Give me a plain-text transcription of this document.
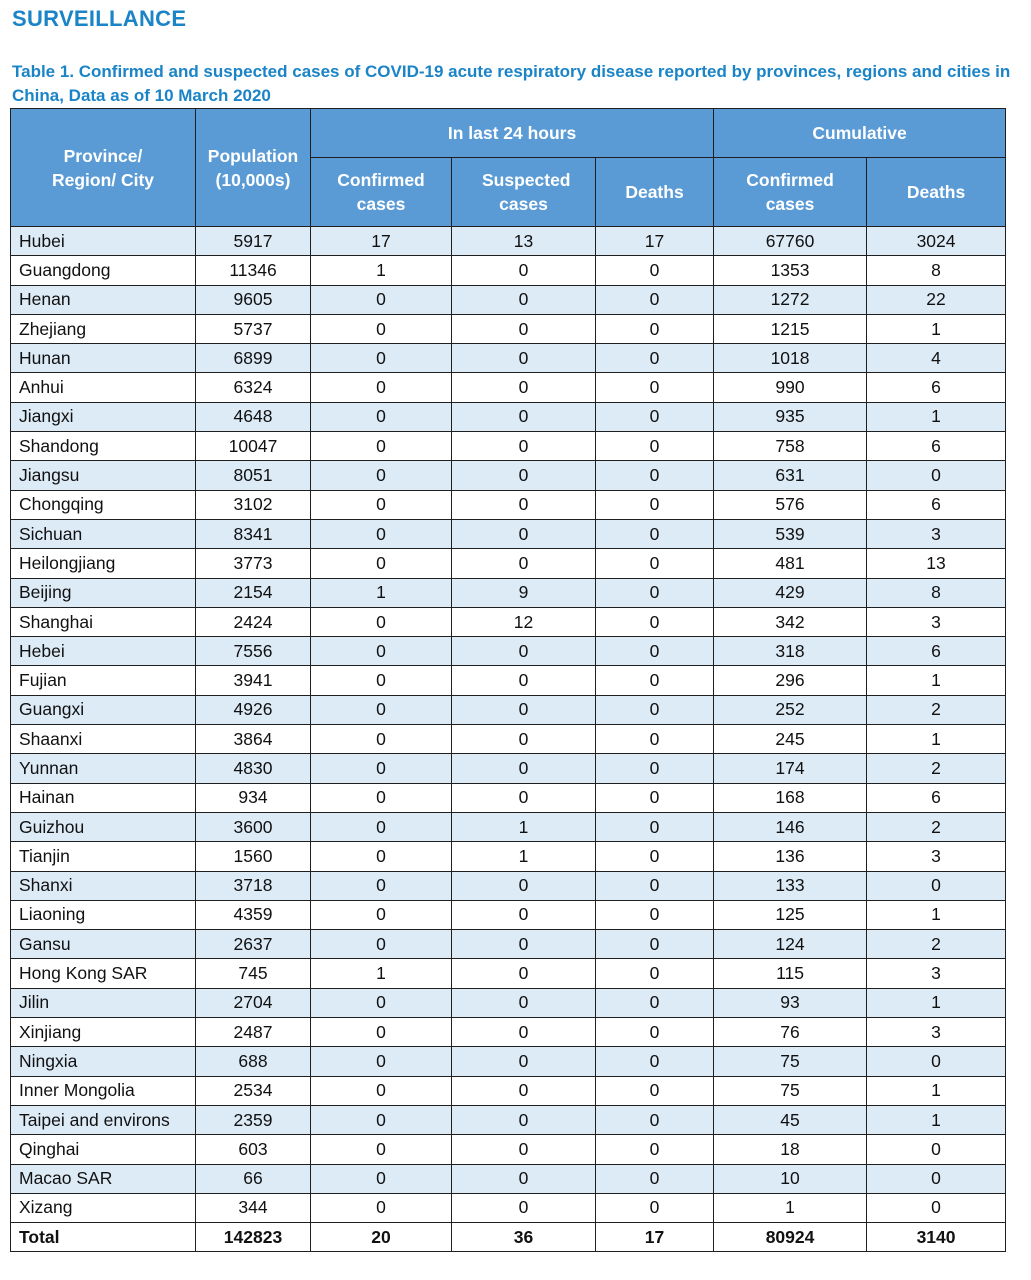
SURVEILLANCE
Table 1. Confirmed and suspected cases of COVID-19 acute respiratory disease reported by provinces, regions and cities in China, Data as of 10 March 2020
Province/ Region/ City	Population (10,000s)	In last 24 hours			Cumulative	
		Confirmed cases	Suspected cases	Deaths	Confirmed cases	Deaths
Hubei	5917	17	13	17	67760	3024
Guangdong	11346	1	0	0	1353	8
Henan	9605	0	0	0	1272	22
Zhejiang	5737	0	0	0	1215	1
Hunan	6899	0	0	0	1018	4
Anhui	6324	0	0	0	990	6
Jiangxi	4648	0	0	0	935	1
Shandong	10047	0	0	0	758	6
Jiangsu	8051	0	0	0	631	0
Chongqing	3102	0	0	0	576	6
Sichuan	8341	0	0	0	539	3
Heilongjiang	3773	0	0	0	481	13
Beijing	2154	1	9	0	429	8
Shanghai	2424	0	12	0	342	3
Hebei	7556	0	0	0	318	6
Fujian	3941	0	0	0	296	1
Guangxi	4926	0	0	0	252	2
Shaanxi	3864	0	0	0	245	1
Yunnan	4830	0	0	0	174	2
Hainan	934	0	0	0	168	6
Guizhou	3600	0	1	0	146	2
Tianjin	1560	0	1	0	136	3
Shanxi	3718	0	0	0	133	0
Liaoning	4359	0	0	0	125	1
Gansu	2637	0	0	0	124	2
Hong Kong SAR	745	1	0	0	115	3
Jilin	2704	0	0	0	93	1
Xinjiang	2487	0	0	0	76	3
Ningxia	688	0	0	0	75	0
Inner Mongolia	2534	0	0	0	75	1
Taipei and environs	2359	0	0	0	45	1
Qinghai	603	0	0	0	18	0
Macao SAR	66	0	0	0	10	0
Xizang	344	0	0	0	1	0
Total	142823	20	36	17	80924	3140
